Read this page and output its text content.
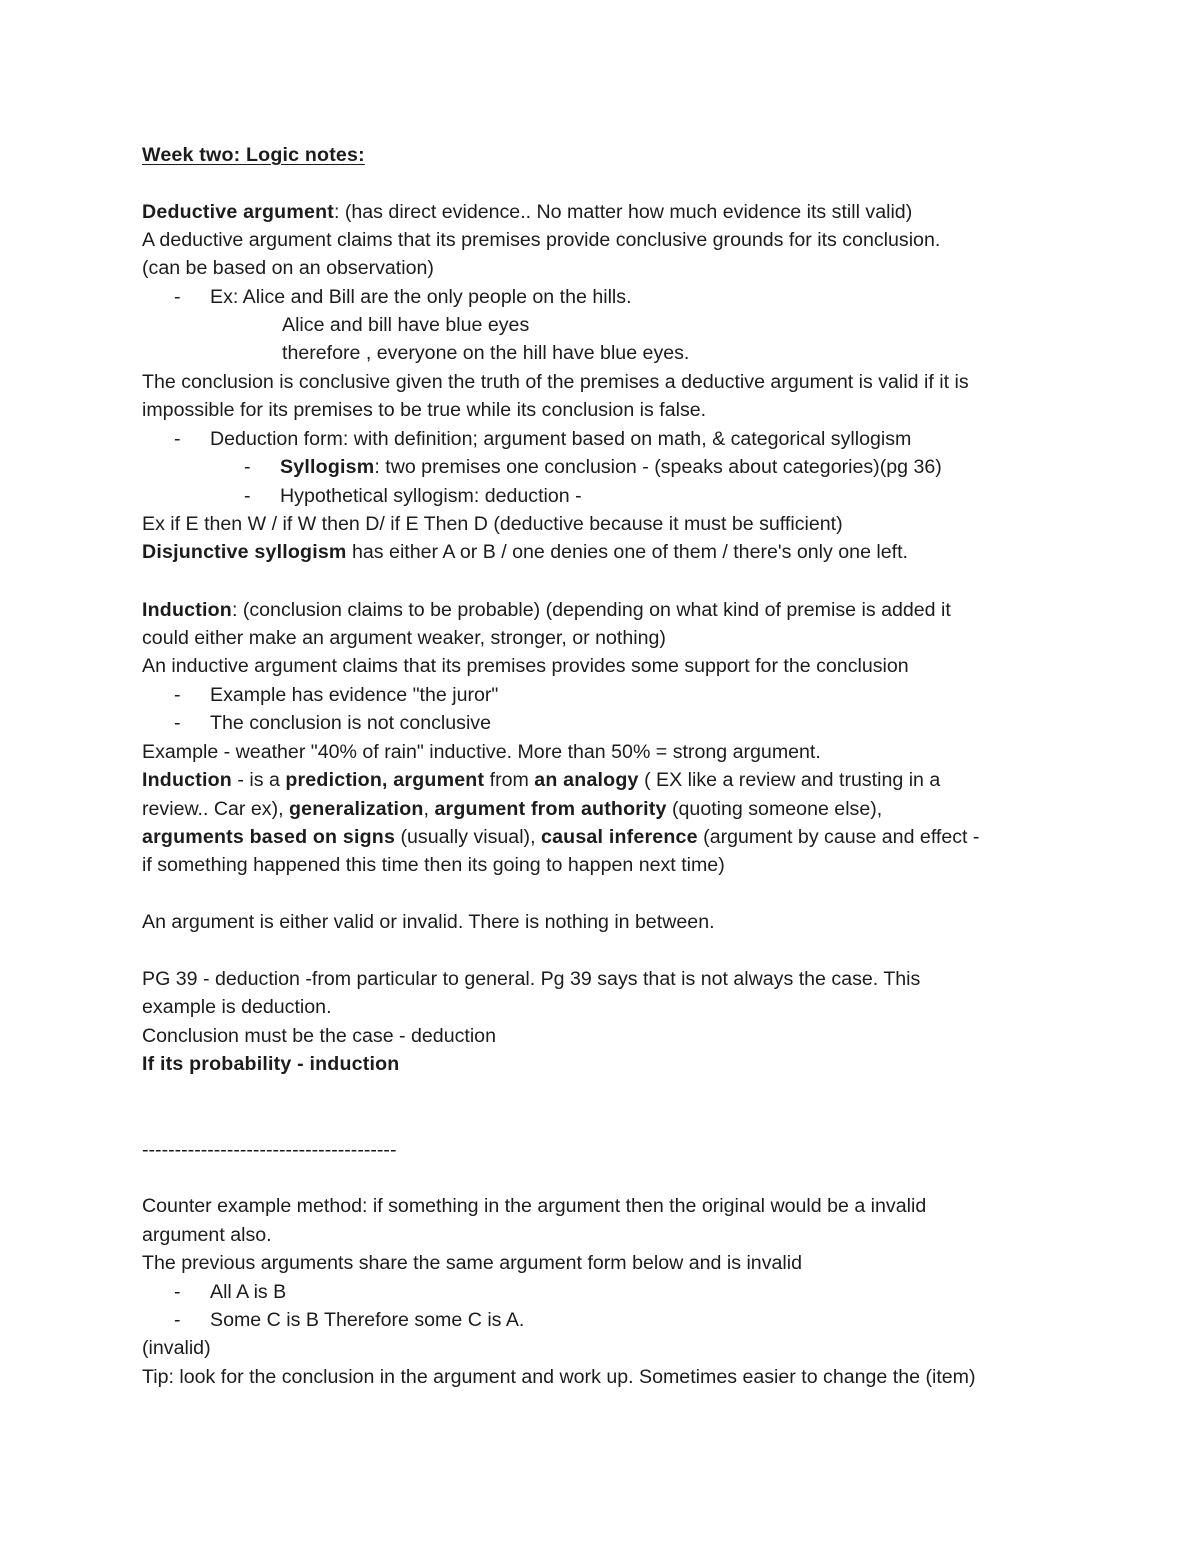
Week two: Logic notes:
Deductive argument: (has direct evidence.. No matter how much evidence its still valid)
A deductive argument claims that its premises provide conclusive grounds for its conclusion.
(can be based on an observation)
- Ex: Alice and Bill are the only people on the hills.
Alice and bill have blue eyes
therefore , everyone on the hill have blue eyes.
The conclusion is conclusive given the truth of the premises a deductive argument is valid if it is
impossible for its premises to be true while its conclusion is false.
- Deduction form: with definition; argument based on math, & categorical syllogism
- Syllogism: two premises one conclusion - (speaks about categories)(pg 36)
- Hypothetical syllogism: deduction -
Ex if E then W / if W then D/ if E Then D (deductive because it must be sufficient)
Disjunctive syllogism has either A or B / one denies one of them / there's only one left.
Induction: (conclusion claims to be probable) (depending on what kind of premise is added it
could either make an argument weaker, stronger, or nothing)
An inductive argument claims that its premises provides some support for the conclusion
- Example has evidence "the juror"
- The conclusion is not conclusive
Example - weather "40% of rain" inductive. More than 50% = strong argument.
Induction - is a prediction, argument from an analogy ( EX like a review and trusting in a
review.. Car ex), generalization, argument from authority (quoting someone else),
arguments based on signs (usually visual), causal inference (argument by cause and effect -
if something happened this time then its going to happen next time)
An argument is either valid or invalid. There is nothing in between.
PG 39 - deduction -from particular to general. Pg 39 says that is not always the case. This
example is deduction.
Conclusion must be the case - deduction
If its probability - induction
---------------------------------------
Counter example method: if something in the argument then the original would be a invalid
argument also.
The previous arguments share the same argument form below and is invalid
- All A is B
- Some C is B Therefore some C is A.
(invalid)
Tip: look for the conclusion in the argument and work up. Sometimes easier to change the (item)
